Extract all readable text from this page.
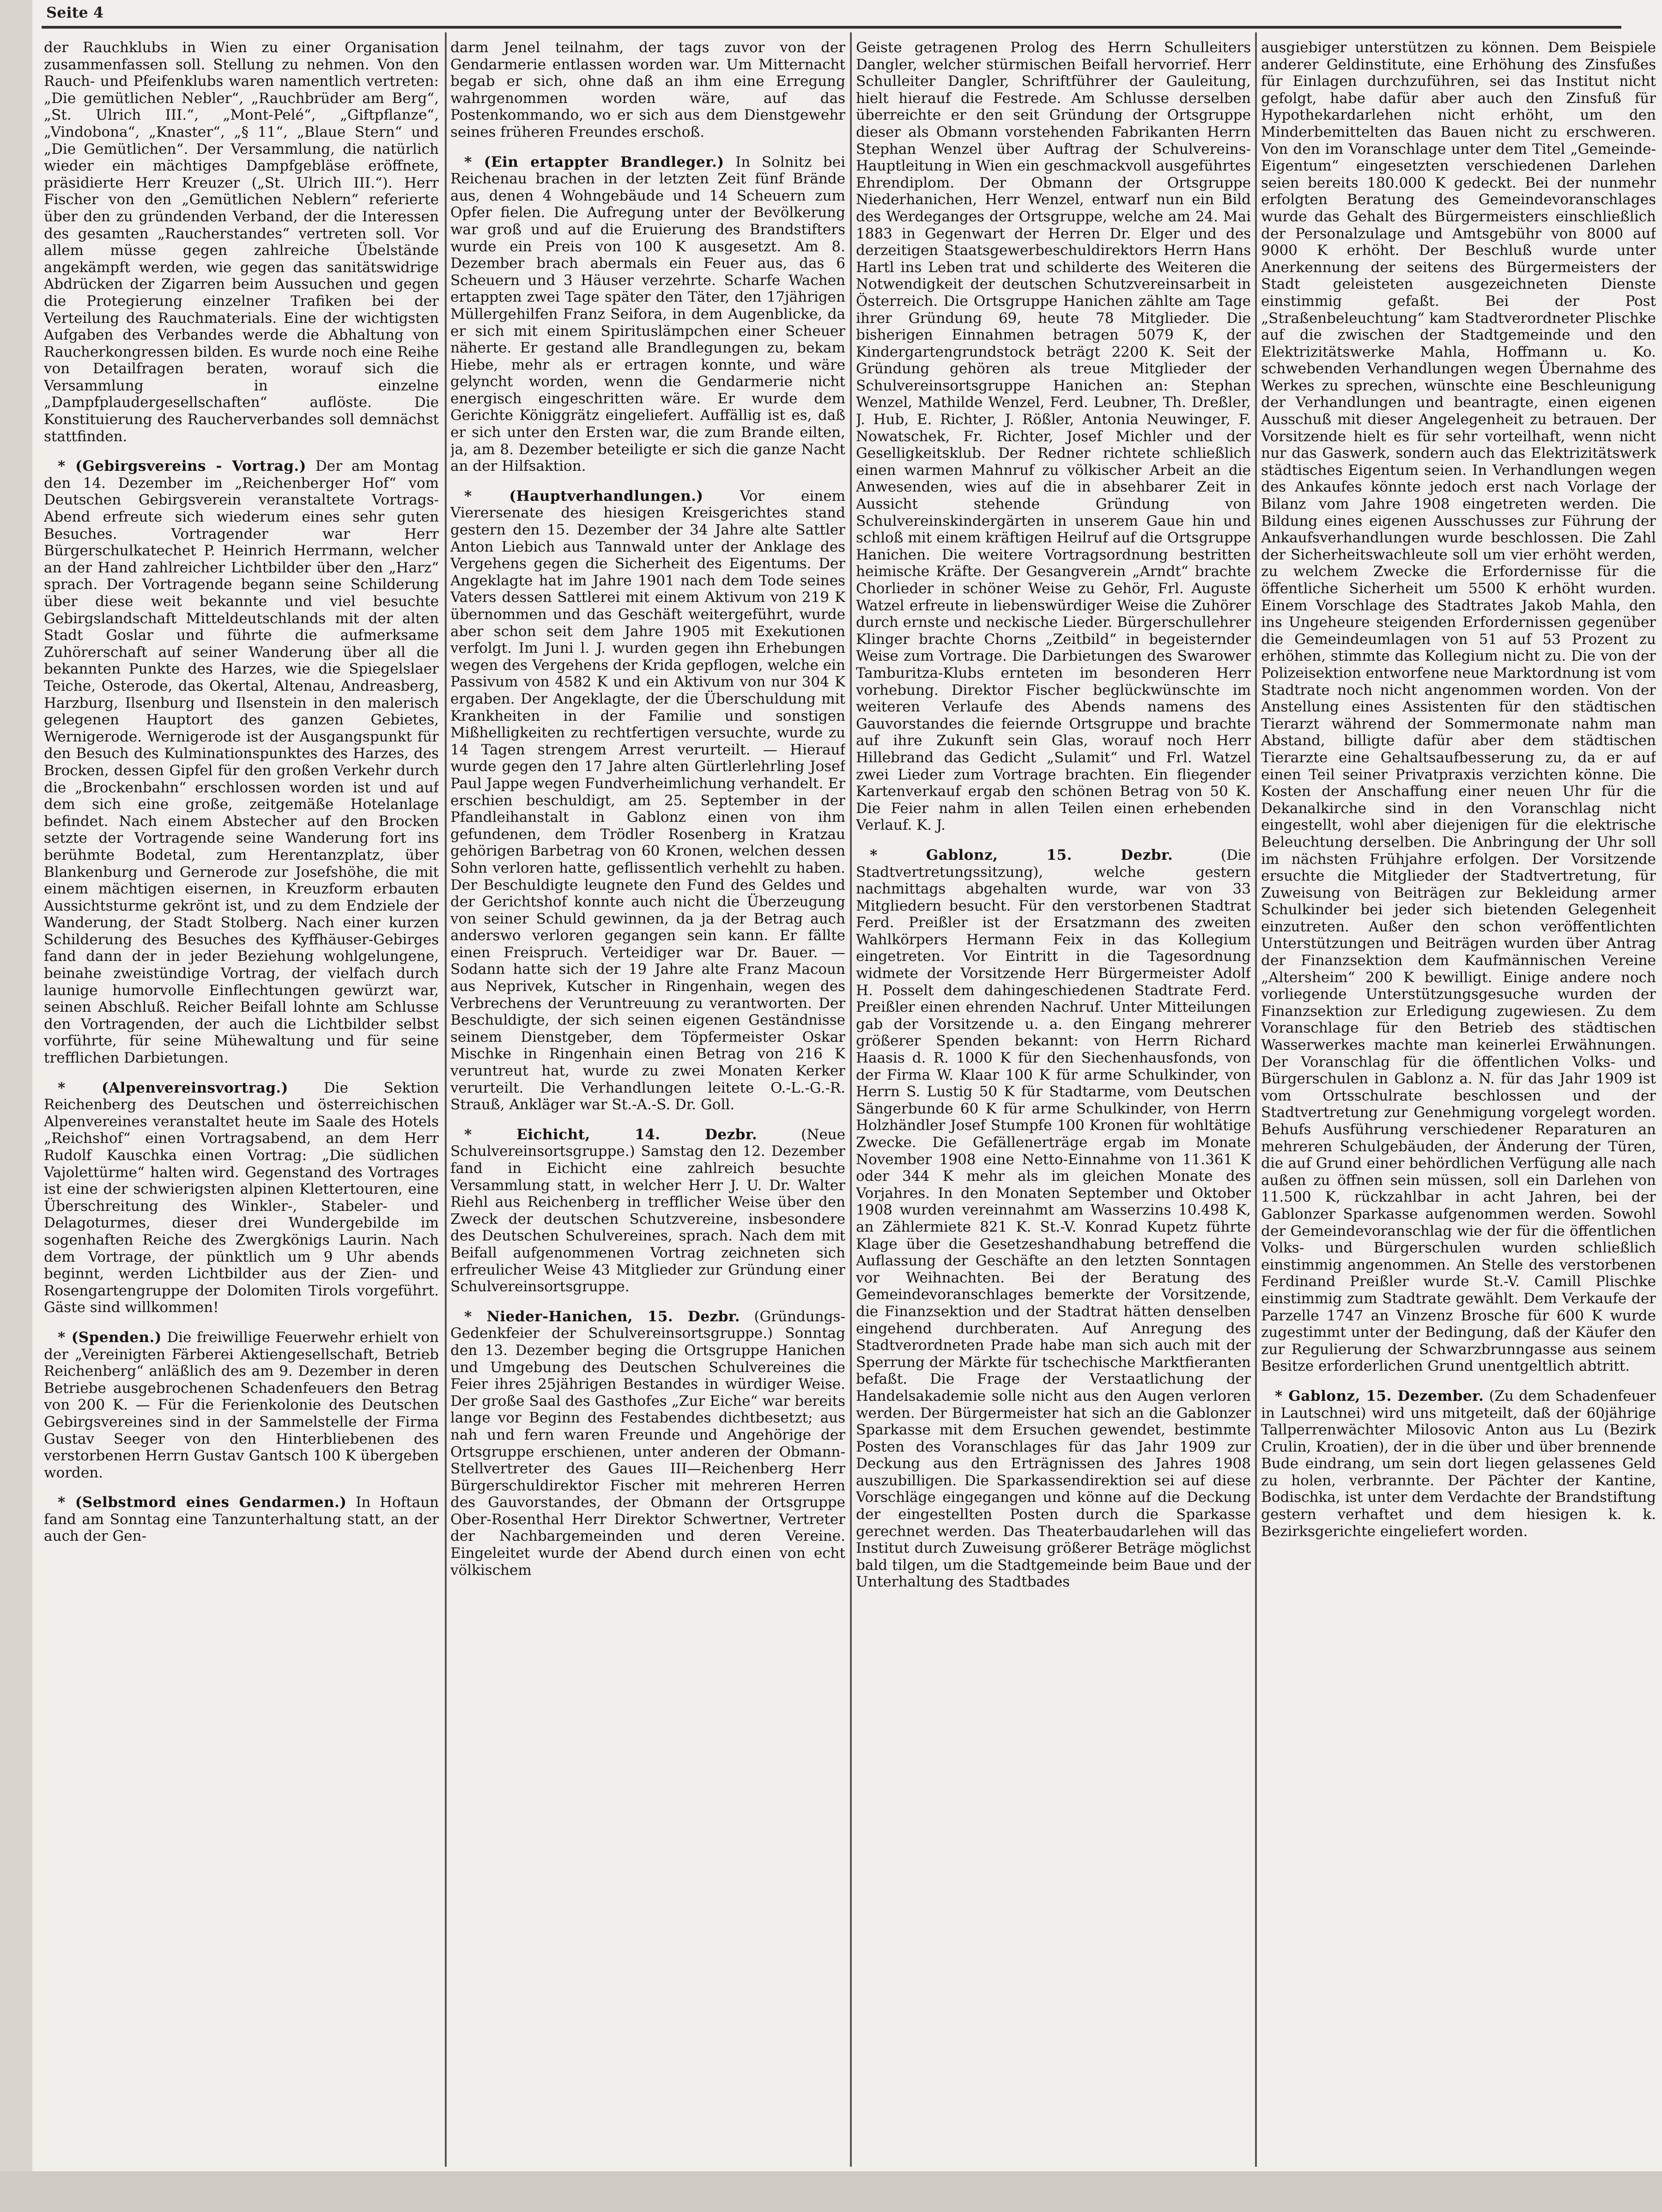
Seite 4

der Rauchklubs in Wien zu einer Organisation zusammenfassen soll. Stellung zu nehmen. Von den Rauch- und Pfeifenklubs waren namentlich vertreten: „Die gemütlichen Nebler“, „Rauchbrüder am Berg“, „St. Ulrich III.“, „Mont-Pelé“, „Giftpflanze“, „Vindobona“, „Knaster“, „§ 11“, „Blaue Stern“ und „Die Gemütlichen“. Der Versammlung, die natürlich wieder ein mächtiges Dampfgebläse eröffnete, präsidierte Herr Kreuzer („St. Ulrich III.“). Herr Fischer von den „Gemütlichen Neblern“ referierte über den zu gründenden Verband, der die Interessen des gesamten „Raucherstandes“ vertreten soll. Vor allem müsse gegen zahlreiche Übelstände angekämpft werden, wie gegen das sanitätswidrige Abdrücken der Zigarren beim Aussuchen und gegen die Protegierung einzelner Trafiken bei der Verteilung des Rauchmaterials. Eine der wichtigsten Aufgaben des Verbandes werde die Abhaltung von Raucherkongressen bilden. Es wurde noch eine Reihe von Detailfragen beraten, worauf sich die Versammlung in einzelne „Dampfplaudergesellschaften“ auflöste. Die Konstituierung des Raucherverbandes soll demnächst stattfinden.

* (Gebirgsvereins - Vortrag.) Der am Montag den 14. Dezember im „Reichenberger Hof“ vom Deutschen Gebirgsverein veranstaltete Vortrags-Abend erfreute sich wiederum eines sehr guten Besuches. Vortragender war Herr Bürgerschulkatechet P. Heinrich Herrmann, welcher an der Hand zahlreicher Lichtbilder über den „Harz“ sprach. Der Vortragende begann seine Schilderung über diese weit bekannte und viel besuchte Gebirgslandschaft Mitteldeutschlands mit der alten Stadt Goslar und führte die aufmerksame Zuhörerschaft auf seiner Wanderung über all die bekannten Punkte des Harzes, wie die Spiegelslaer Teiche, Osterode, das Okertal, Altenau, Andreasberg, Harzburg, Ilsenburg und Ilsenstein in den malerisch gelegenen Hauptort des ganzen Gebietes, Wernigerode. Wernigerode ist der Ausgangspunkt für den Besuch des Kulminationspunktes des Harzes, des Brocken, dessen Gipfel für den großen Verkehr durch die „Brockenbahn“ erschlossen worden ist und auf dem sich eine große, zeitgemäße Hotelanlage befindet. Nach einem Abstecher auf den Brocken setzte der Vortragende seine Wanderung fort ins berühmte Bodetal, zum Herentanzplatz, über Blankenburg und Gernerode zur Josefshöhe, die mit einem mächtigen eisernen, in Kreuzform erbauten Aussichtsturme gekrönt ist, und zu dem Endziele der Wanderung, der Stadt Stolberg. Nach einer kurzen Schilderung des Besuches des Kyffhäuser-Gebirges fand dann der in jeder Beziehung wohlgelungene, beinahe zweistündige Vortrag, der vielfach durch launige humorvolle Einflechtungen gewürzt war, seinen Abschluß. Reicher Beifall lohnte am Schlusse den Vortragenden, der auch die Lichtbilder selbst vorführte, für seine Mühewaltung und für seine trefflichen Darbietungen.

* (Alpenvereinsvortrag.) Die Sektion Reichenberg des Deutschen und österreichischen Alpenvereines veranstaltet heute im Saale des Hotels „Reichshof“ einen Vortragsabend, an dem Herr Rudolf Kauschka einen Vortrag: „Die südlichen Vajolettürme“ halten wird. Gegenstand des Vortrages ist eine der schwierigsten alpinen Klettertouren, eine Überschreitung des Winkler-, Stabeler- und Delagoturmes, dieser drei Wundergebilde im sogenhaften Reiche des Zwergkönigs Laurin. Nach dem Vortrage, der pünktlich um 9 Uhr abends beginnt, werden Lichtbilder aus der Zien- und Rosengartengruppe der Dolomiten Tirols vorgeführt. Gäste sind willkommen!

* (Spenden.) Die freiwillige Feuerwehr erhielt von der „Vereinigten Färberei Aktiengesellschaft, Betrieb Reichenberg“ anläßlich des am 9. Dezember in deren Betriebe ausgebrochenen Schadenfeuers den Betrag von 200 K. — Für die Ferienkolonie des Deutschen Gebirgsvereines sind in der Sammelstelle der Firma Gustav Seeger von den Hinterbliebenen des verstorbenen Herrn Gustav Gantsch 100 K übergeben worden.

* (Selbstmord eines Gendarmen.) In Hoftaun fand am Sonntag eine Tanzunterhaltung statt, an der auch der Gen-

darm Jenel teilnahm, der tags zuvor von der Gendarmerie entlassen worden war. Um Mitternacht begab er sich, ohne daß an ihm eine Erregung wahrgenommen worden wäre, auf das Postenkommando, wo er sich aus dem Dienstgewehr seines früheren Freundes erschoß.

* (Ein ertappter Brandleger.) In Solnitz bei Reichenau brachen in der letzten Zeit fünf Brände aus, denen 4 Wohngebäude und 14 Scheuern zum Opfer fielen. Die Aufregung unter der Bevölkerung war groß und auf die Eruierung des Brandstifters wurde ein Preis von 100 K ausgesetzt. Am 8. Dezember brach abermals ein Feuer aus, das 6 Scheuern und 3 Häuser verzehrte. Scharfe Wachen ertappten zwei Tage später den Täter, den 17jährigen Müllergehilfen Franz Seifora, in dem Augenblicke, da er sich mit einem Spirituslämpchen einer Scheuer näherte. Er gestand alle Brandlegungen zu, bekam Hiebe, mehr als er ertragen konnte, und wäre gelyncht worden, wenn die Gendarmerie nicht energisch eingeschritten wäre. Er wurde dem Gerichte Königgrätz eingeliefert. Auffällig ist es, daß er sich unter den Ersten war, die zum Brande eilten, ja, am 8. Dezember beteiligte er sich die ganze Nacht an der Hilfsaktion.

* (Hauptverhandlungen.)	Vor einem Vierersenate des hiesigen Kreisgerichtes stand gestern den 15. Dezember der 34 Jahre alte Sattler Anton Liebich aus Tannwald unter der Anklage des Vergehens gegen die Sicherheit des Eigentums. Der Angeklagte hat im Jahre 1901 nach dem Tode seines Vaters dessen Sattlerei mit einem Aktivum von 219 K übernommen und das Geschäft weitergeführt, wurde aber schon seit dem Jahre 1905 mit Exekutionen verfolgt. Im Juni l. J. wurden gegen ihn Erhebungen wegen des Vergehens der Krida gepflogen, welche ein Passivum von 4582 K und ein Aktivum von nur 304 K ergaben. Der Angeklagte, der die Überschuldung mit Krankheiten in der Familie und sonstigen Mißhelligkeiten zu rechtfertigen versuchte, wurde zu 14 Tagen strengem Arrest verurteilt. — Hierauf wurde gegen den 17 Jahre alten Gürtlerlehrling Josef Paul Jappe wegen Fundverheimlichung verhandelt. Er erschien beschuldigt, am 25. September in der Pfandleihanstalt in Gablonz einen von ihm gefundenen, dem Trödler Rosenberg in Kratzau gehörigen Barbetrag von 60 Kronen, welchen dessen Sohn verloren hatte, geflissentlich verhehlt zu haben. Der Beschuldigte leugnete den Fund des Geldes und der Gerichtshof konnte auch nicht die Überzeugung von seiner Schuld gewinnen, da ja der Betrag auch anderswo verloren gegangen sein kann. Er fällte einen Freispruch. Verteidiger war Dr. Bauer. — Sodann hatte sich der 19 Jahre alte Franz Macoun aus Neprivek, Kutscher in Ringenhain, wegen des Verbrechens der Veruntreuung zu verantworten. Der Beschuldigte, der sich seinen eigenen Geständnisse seinem Dienstgeber, dem Töpfermeister Oskar Mischke in Ringenhain einen Betrag von 216 K veruntreut hat, wurde zu zwei Monaten Kerker verurteilt. Die Verhandlungen leitete O.-L.-G.-R. Strauß, Ankläger war St.-A.-S. Dr. Goll.

* Eichicht, 14. Dezbr.	(Neue Schulvereinsortsgruppe.) Samstag den 12. Dezember fand in Eichicht eine zahlreich besuchte Versammlung statt, in welcher Herr J. U. Dr. Walter Riehl aus Reichenberg in trefflicher Weise über den Zweck der deutschen Schutzvereine, insbesondere des Deutschen Schulvereines, sprach. Nach dem mit Beifall aufgenommenen Vortrag zeichneten sich erfreulicher Weise 43 Mitglieder zur Gründung einer Schulvereinsortsgruppe.

* Nieder-Hanichen, 15. Dezbr. (Gründungs-Gedenkfeier der Schulvereinsortsgruppe.) Sonntag den 13. Dezember beging die Ortsgruppe Hanichen und Umgebung des Deutschen Schulvereines die Feier ihres 25jährigen Bestandes in würdiger Weise. Der große Saal des Gasthofes „Zur Eiche“ war bereits lange vor Beginn des Festabendes dichtbesetzt; aus nah und fern waren Freunde und Angehörige der Ortsgruppe erschienen, unter anderen der Obmann-Stellvertreter des Gaues III—Reichenberg Herr Bürgerschuldirektor Fischer mit mehreren Herren des Gauvorstandes, der Obmann der Ortsgruppe Ober-Rosenthal Herr Direktor Schwertner, Vertreter der Nachbargemeinden und deren Vereine. Eingeleitet wurde der Abend durch einen von echt völkischem

Geiste getragenen Prolog des Herrn Schulleiters Dangler, welcher stürmischen Beifall hervorrief. Herr Schulleiter Dangler, Schriftführer der Gauleitung, hielt hierauf die Festrede. Am Schlusse derselben überreichte er den seit Gründung der Ortsgruppe dieser als Obmann vorstehenden Fabrikanten Herrn Stephan Wenzel über Auftrag der Schulvereins-Hauptleitung in Wien ein geschmackvoll ausgeführtes Ehrendiplom. Der Obmann der Ortsgruppe Niederhanichen, Herr Wenzel, entwarf nun ein Bild des Werdeganges der Ortsgruppe, welche am 24. Mai 1883 in Gegenwart der Herren Dr. Elger und des derzeitigen Staatsgewerbeschuldirektors Herrn Hans Hartl ins Leben trat und schilderte des Weiteren die Notwendigkeit der deutschen Schutzvereinsarbeit in Österreich. Die Ortsgruppe Hanichen zählte am Tage ihrer Gründung 69, heute 78 Mitglieder. Die bisherigen Einnahmen betragen 5079 K, der Kindergartengrundstock beträgt 2200 K. Seit der Gründung gehören als treue Mitglieder der Schulvereinsortsgruppe Hanichen an: Stephan Wenzel, Mathilde Wenzel, Ferd. Leubner, Th. Dreßler, J. Hub, E. Richter, J. Rößler, Antonia Neuwinger, F. Nowatschek, Fr. Richter, Josef Michler und der Geselligkeitsklub. Der Redner richtete schließlich einen warmen Mahnruf zu völkischer Arbeit an die Anwesenden, wies auf die in absehbarer Zeit in Aussicht stehende Gründung von Schulvereinskindergärten in unserem Gaue hin und schloß mit einem kräftigen Heilruf auf die Ortsgruppe Hanichen. Die weitere Vortragsordnung bestritten heimische Kräfte. Der Gesangverein „Arndt“ brachte Chorlieder in schöner Weise zu Gehör, Frl. Auguste Watzel erfreute in liebenswürdiger Weise die Zuhörer durch ernste und neckische Lieder. Bürgerschullehrer Klinger brachte Chorns „Zeitbild“ in begeisternder Weise zum Vortrage. Die Darbietungen des Swarower Tamburitza-Klubs ernteten im besonderen Herr vorhebung. Direktor Fischer beglückwünschte im weiteren Verlaufe des Abends namens des Gauvorstandes die feiernde Ortsgruppe und brachte auf ihre Zukunft sein Glas, worauf noch Herr Hillebrand das Gedicht „Sulamit“ und Frl. Watzel zwei Lieder zum Vortrage brachten. Ein fliegender Kartenverkauf ergab den schönen Betrag von 50 K. Die Feier nahm in allen Teilen einen erhebenden Verlauf. K. J.

* Gablonz, 15. Dezbr.	(Die Stadtvertretungssitzung), welche gestern nachmittags abgehalten wurde, war von 33 Mitgliedern besucht. Für den verstorbenen Stadtrat Ferd. Preißler ist der Ersatzmann des zweiten Wahlkörpers Hermann Feix in das Kollegium eingetreten. Vor Eintritt in die Tagesordnung widmete der Vorsitzende Herr Bürgermeister Adolf H. Posselt dem dahingeschiedenen Stadtrate Ferd. Preißler einen ehrenden Nachruf. Unter Mitteilungen gab der Vorsitzende u. a. den Eingang mehrerer größerer Spenden bekannt: von Herrn Richard Haasis d. R. 1000 K für den Siechenhausfonds, von der Firma W. Klaar 100 K für arme Schulkinder, von Herrn S. Lustig 50 K für Stadtarme, vom Deutschen Sängerbunde 60 K für arme Schulkinder, von Herrn Holzhändler Josef Stumpfe 100 Kronen für wohltätige Zwecke. Die Gefällenerträge ergab im Monate November 1908 eine Netto-Einnahme von 11.361 K oder 344 K mehr als im gleichen Monate des Vorjahres. In den Monaten September und Oktober 1908 wurden vereinnahmt am Wasserzins 10.498 K, an Zählermiete 821 K. St.-V. Konrad Kupetz führte Klage über die Gesetzeshandhabung betreffend die Auflassung der Geschäfte an den letzten Sonntagen vor Weihnachten. Bei der Beratung des Gemeindevoranschlages bemerkte der Vorsitzende, die Finanzsektion und der Stadtrat hätten denselben eingehend durchberaten. Auf Anregung des Stadtverordneten Prade habe man sich auch mit der Sperrung der Märkte für tschechische Marktfieranten befaßt. Die Frage der Verstaatlichung der Handelsakademie solle nicht aus den Augen verloren werden. Der Bürgermeister hat sich an die Gablonzer Sparkasse mit dem Ersuchen gewendet, bestimmte Posten des Voranschlages für das Jahr 1909 zur Deckung aus den Erträgnissen des Jahres 1908 auszubilligen. Die Sparkassendirektion sei auf diese Vorschläge eingegangen und könne auf die Deckung der eingestellten Posten durch die Sparkasse gerechnet werden. Das Theaterbaudarlehen will das Institut durch Zuweisung größerer Beträge möglichst bald tilgen, um die Stadtgemeinde beim Baue und der Unterhaltung des Stadtbades

ausgiebiger unterstützen zu können. Dem Beispiele anderer Geldinstitute, eine Erhöhung des Zinsfußes für Einlagen durchzuführen, sei das Institut nicht gefolgt, habe dafür aber auch den Zinsfuß für Hypothekardarlehen nicht erhöht, um den Minderbemittelten das Bauen nicht zu erschweren. Von den im Voranschlage unter dem Titel „Gemeinde-Eigentum“ eingesetzten verschiedenen Darlehen seien bereits 180.000 K gedeckt. Bei der nunmehr erfolgten Beratung des Gemeindevoranschlages wurde das Gehalt des Bürgermeisters einschließlich der Personalzulage und Amtsgebühr von 8000 auf 9000 K erhöht. Der Beschluß wurde unter Anerkennung der seitens des Bürgermeisters der Stadt geleisteten ausgezeichneten Dienste einstimmig gefaßt. Bei der Post „Straßenbeleuchtung“ kam Stadtverordneter Plischke auf die zwischen der Stadtgemeinde und den Elektrizitätswerke Mahla, Hoffmann u. Ko. schwebenden Verhandlungen wegen Übernahme des Werkes zu sprechen, wünschte eine Beschleunigung der Verhandlungen und beantragte, einen eigenen Ausschuß mit dieser Angelegenheit zu betrauen. Der Vorsitzende hielt es für sehr vorteilhaft, wenn nicht nur das Gaswerk, sondern auch das Elektrizitätswerk städtisches Eigentum seien. In Verhandlungen wegen des Ankaufes könnte jedoch erst nach Vorlage der Bilanz vom Jahre 1908 eingetreten werden. Die Bildung eines eigenen Ausschusses zur Führung der Ankaufsverhandlungen wurde beschlossen. Die Zahl der Sicherheitswachleute soll um vier erhöht werden, zu welchem Zwecke die Erfordernisse für die öffentliche Sicherheit um 5500 K erhöht wurden. Einem Vorschlage des Stadtrates Jakob Mahla, den ins Ungeheure steigenden Erfordernissen gegenüber die Gemeindeumlagen von 51 auf 53 Prozent zu erhöhen, stimmte das Kollegium nicht zu. Die von der Polizeisektion entworfene neue Marktordnung ist vom Stadtrate noch nicht angenommen worden. Von der Anstellung eines Assistenten für den städtischen Tierarzt während der Sommermonate nahm man Abstand, billigte dafür aber dem städtischen Tierarzte eine Gehaltsaufbesserung zu, da er auf einen Teil seiner Privatpraxis verzichten könne. Die Kosten der Anschaffung einer neuen Uhr für die Dekanalkirche sind in den Voranschlag nicht eingestellt, wohl aber diejenigen für die elektrische Beleuchtung derselben. Die Anbringung der Uhr soll im nächsten Frühjahre erfolgen. Der Vorsitzende ersuchte die Mitglieder der Stadtvertretung, für Zuweisung von Beiträgen zur Bekleidung armer Schulkinder bei jeder sich bietenden Gelegenheit einzutreten. Außer den schon veröffentlichten Unterstützungen und Beiträgen wurden über Antrag der Finanzsektion dem Kaufmännischen Vereine „Altersheim“ 200 K bewilligt. Einige andere noch vorliegende Unterstützungsgesuche wurden der Finanzsektion zur Erledigung zugewiesen. Zu dem Voranschlage für den Betrieb des städtischen Wasserwerkes machte man keinerlei Erwähnungen. Der Voranschlag für die öffentlichen Volks- und Bürgerschulen in Gablonz a. N. für das Jahr 1909 ist vom Ortsschulrate beschlossen und der Stadtvertretung zur Genehmigung vorgelegt worden. Behufs Ausführung verschiedener Reparaturen an mehreren Schulgebäuden, der Änderung der Türen, die auf Grund einer behördlichen Verfügung alle nach außen zu öffnen sein müssen, soll ein Darlehen von 11.500 K, rückzahlbar in acht Jahren, bei der Gablonzer Sparkasse aufgenommen werden. Sowohl der Gemeindevoranschlag wie der für die öffentlichen Volks- und Bürgerschulen wurden schließlich einstimmig angenommen. An Stelle des verstorbenen Ferdinand Preißler wurde St.-V. Camill Plischke einstimmig zum Stadtrate gewählt. Dem Verkaufe der Parzelle 1747 an Vinzenz Brosche für 600 K wurde zugestimmt unter der Bedingung, daß der Käufer den zur Regulierung der Schwarzbrunngasse aus seinem Besitze erforderlichen Grund unentgeltlich abtritt.

* Gablonz, 15. Dezember. (Zu dem Schadenfeuer in Lautschnei) wird uns mitgeteilt, daß der 60jährige Tallperrenwächter Milosovic Anton aus Lu (Bezirk Crulin, Kroatien), der in die über und über brennende Bude eindrang, um sein dort liegen gelassenes Geld zu holen, verbrannte. Der Pächter der Kantine, Bodischka, ist unter dem Verdachte der Brandstiftung gestern verhaftet und dem hiesigen k. k. Bezirksgerichte eingeliefert worden.
